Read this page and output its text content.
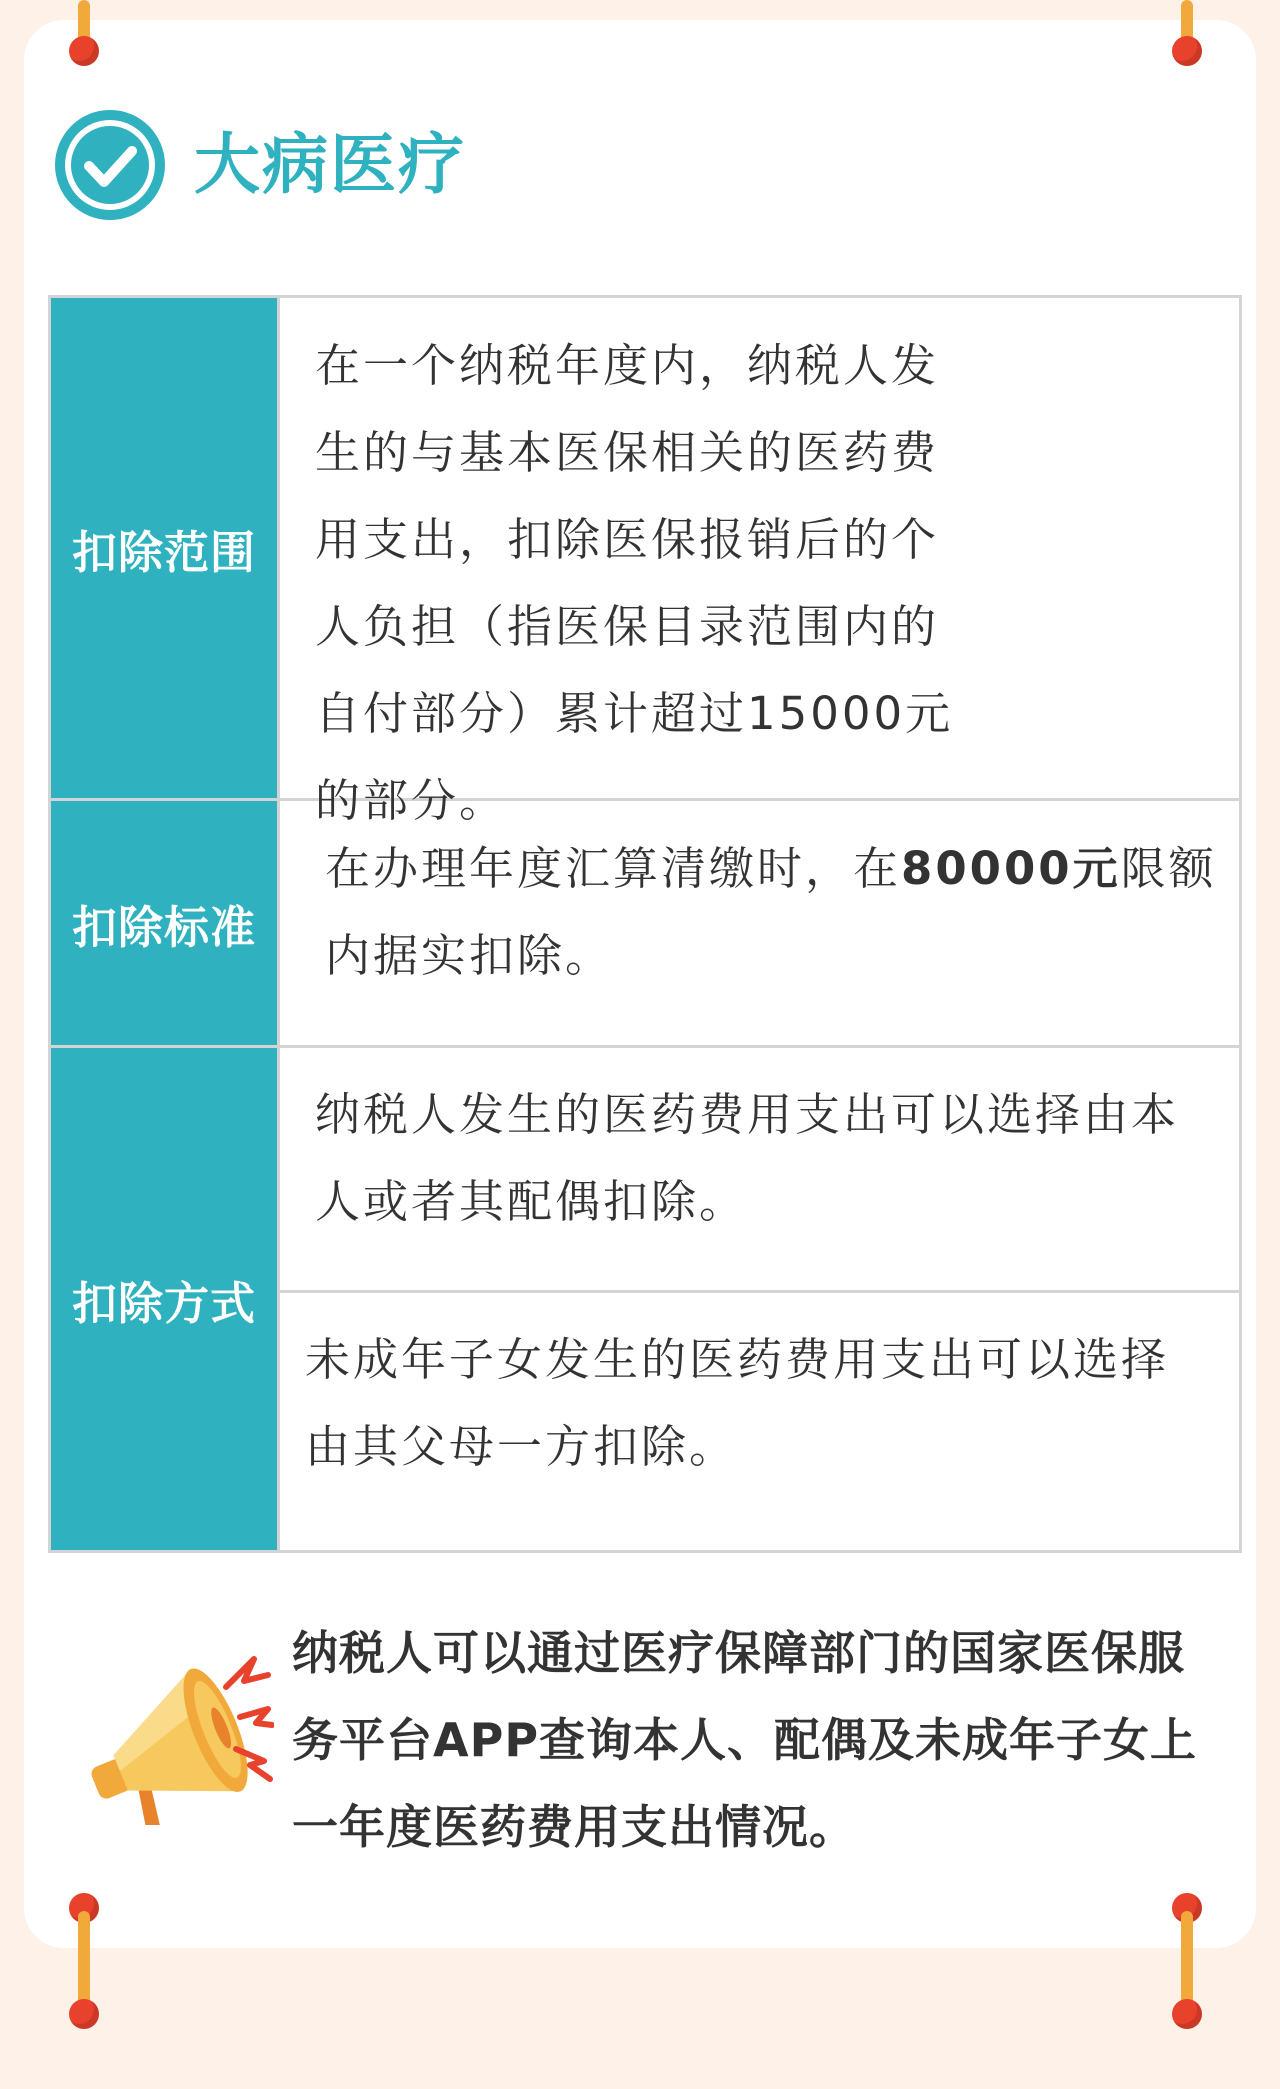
大病医疗
扣除范围
扣除标准
扣除方式
在一个纳税年度内，纳税人发生的与基本医保相关的医药费用支出，扣除医保报销后的个人负担（指医保目录范围内的自付部分）累计超过15000元的部分。
在办理年度汇算清缴时，在80000元限额内据实扣除。
纳税人发生的医药费用支出可以选择由本人或者其配偶扣除。
未成年子女发生的医药费用支出可以选择由其父母一方扣除。
纳税人可以通过医疗保障部门的国家医保服务平台APP查询本人、配偶及未成年子女上一年度医药费用支出情况。
